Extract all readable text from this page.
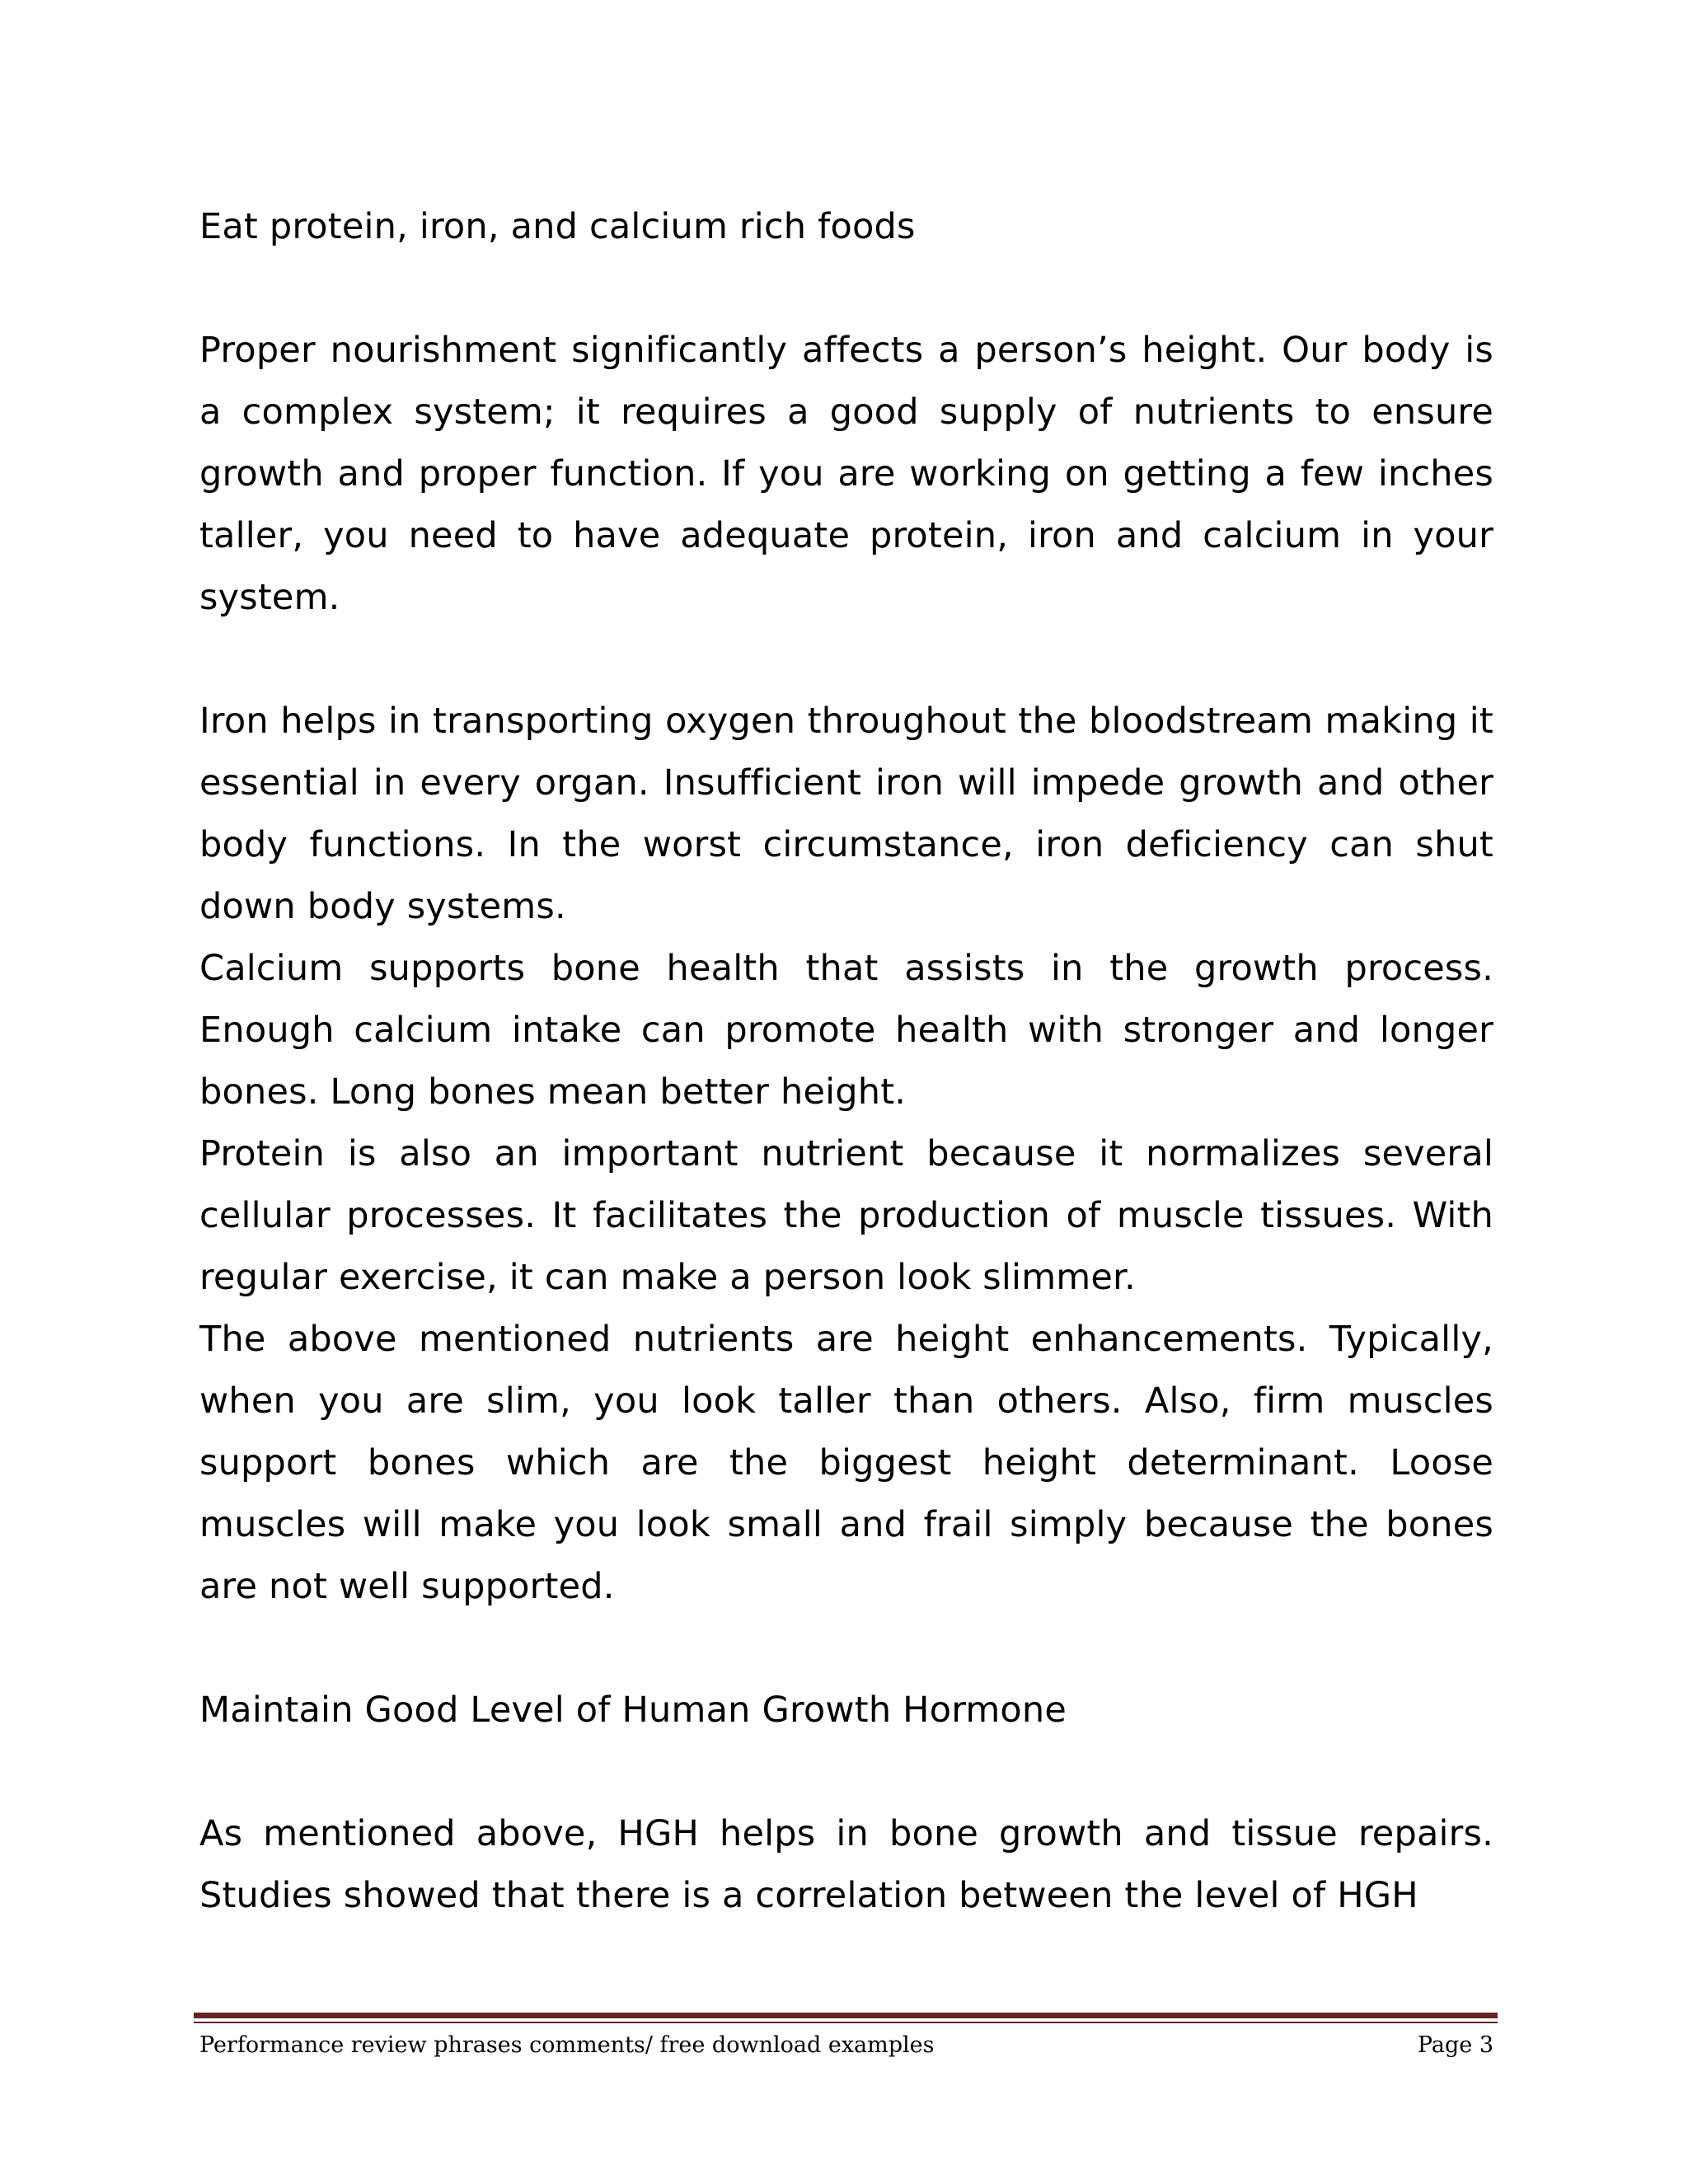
Eat protein, iron, and calcium rich foods

Proper nourishment significantly affects a person’s height. Our body is a complex system; it requires a good supply of nutrients to ensure growth and proper function. If you are working on getting a few inches taller, you need to have adequate protein, iron and calcium in your system.

Iron helps in transporting oxygen throughout the bloodstream making it essential in every organ. Insufficient iron will impede growth and other body functions. In the worst circumstance, iron deficiency can shut down body systems.

Calcium supports bone health that assists in the growth process. Enough calcium intake can promote health with stronger and longer bones. Long bones mean better height.

Protein is also an important nutrient because it normalizes several cellular processes. It facilitates the production of muscle tissues. With regular exercise, it can make a person look slimmer.

The above mentioned nutrients are height enhancements. Typically, when you are slim, you look taller than others. Also, firm muscles support bones which are the biggest height determinant. Loose muscles will make you look small and frail simply because the bones are not well supported.

Maintain Good Level of Human Growth Hormone

As mentioned above, HGH helps in bone growth and tissue repairs. Studies showed that there is a correlation between the level of HGH

Performance review phrases comments/ free download examples	Page 3
